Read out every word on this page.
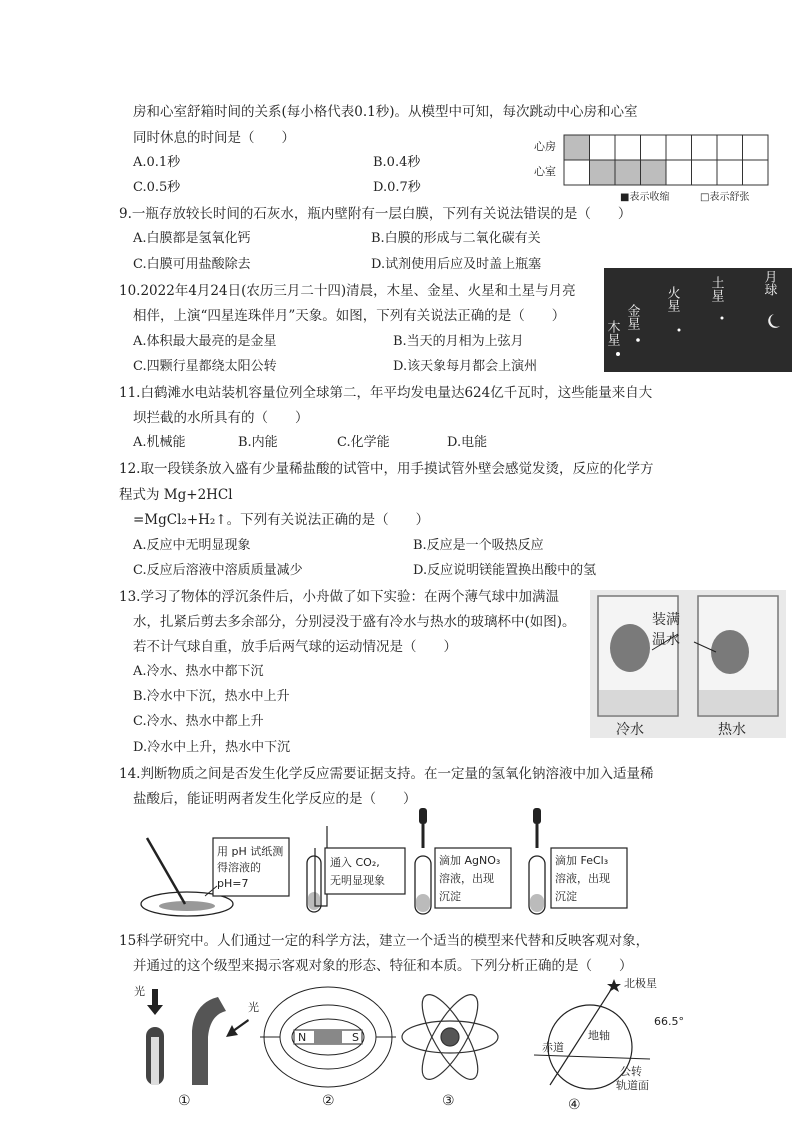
房和心室舒箱时间的关系(每小格代表0.1秒)。从模型中可知，每次跳动中心房和心室
同时休息的时间是（　　）
A.0.1秒	B.0.4秒
C.0.5秒	D.0.7秒
心房
心室
■表示收缩	□表示舒张
9.一瓶存放较长时间的石灰水，瓶内壁附有一层白膜，下列有关说法错误的是（　　）
A.白膜都是氢氧化钙	B.白膜的形成与二氧化碳有关
C.白膜可用盐酸除去	D.试剂使用后应及时盖上瓶塞
10.2022年4月24日(农历三月二十四)清晨，木星、金星、火星和土星与月亮
相伴，上演“四星连珠伴月”天象。如图，下列有关说法正确的是（　　）
A.体积最大最亮的是金星	B.当天的月相为上弦月
C.四颗行星都绕太阳公转	D.该天象每月都会上演州
木星
金星
火星 土星	月球
11.白鹤滩水电站装机容量位列全球第二，年平均发电量达624亿千瓦时，这些能量来自大
坝拦截的水所具有的（　　）
A.机械能	B.内能	C.化学能	D.电能
12.取一段镁条放入盛有少量稀盐酸的试管中，用手摸试管外壁会感觉发烫，反应的化学方
程式为 Mg+2HCl
=MgCl₂+H₂↑。下列有关说法正确的是（　　）
A.反应中无明显现象	B.反应是一个吸热反应
C.反应后溶液中溶质质量减少	D.反应说明镁能置换出酸中的氢
13.学习了物体的浮沉条件后，小舟做了如下实验：在两个薄气球中加满温
水，扎紧后剪去多余部分，分别浸没于盛有冷水与热水的玻璃杯中(如图)。
若不计气球自重，放手后两气球的运动情况是（　　）
A.冷水、热水中都下沉
B.冷水中下沉，热水中上升
C.冷水、热水中都上升
D.冷水中上升，热水中下沉
装满
温水
冷水	热水
14.判断物质之间是否发生化学反应需要证据支持。在一定量的氢氧化钠溶液中加入适量稀
盐酸后，能证明两者发生化学反应的是（　　）
用 pH 试纸测
得溶液的
pH=7
通入 CO₂,
无明显现象
滴加 AgNO₃
溶液，出现
沉淀
滴加 FeCl₃
溶液，出现
沉淀
15科学研究中。人们通过一定的科学方法，建立一个适当的模型来代替和反映客观对象，
并通过的这个级型来揭示客观对象的形态、特征和本质。下列分析正确的是（　　）
光
光
①
N	S
②	③
北极星
66.5°
地轴
赤道
公转
轨道面
④
